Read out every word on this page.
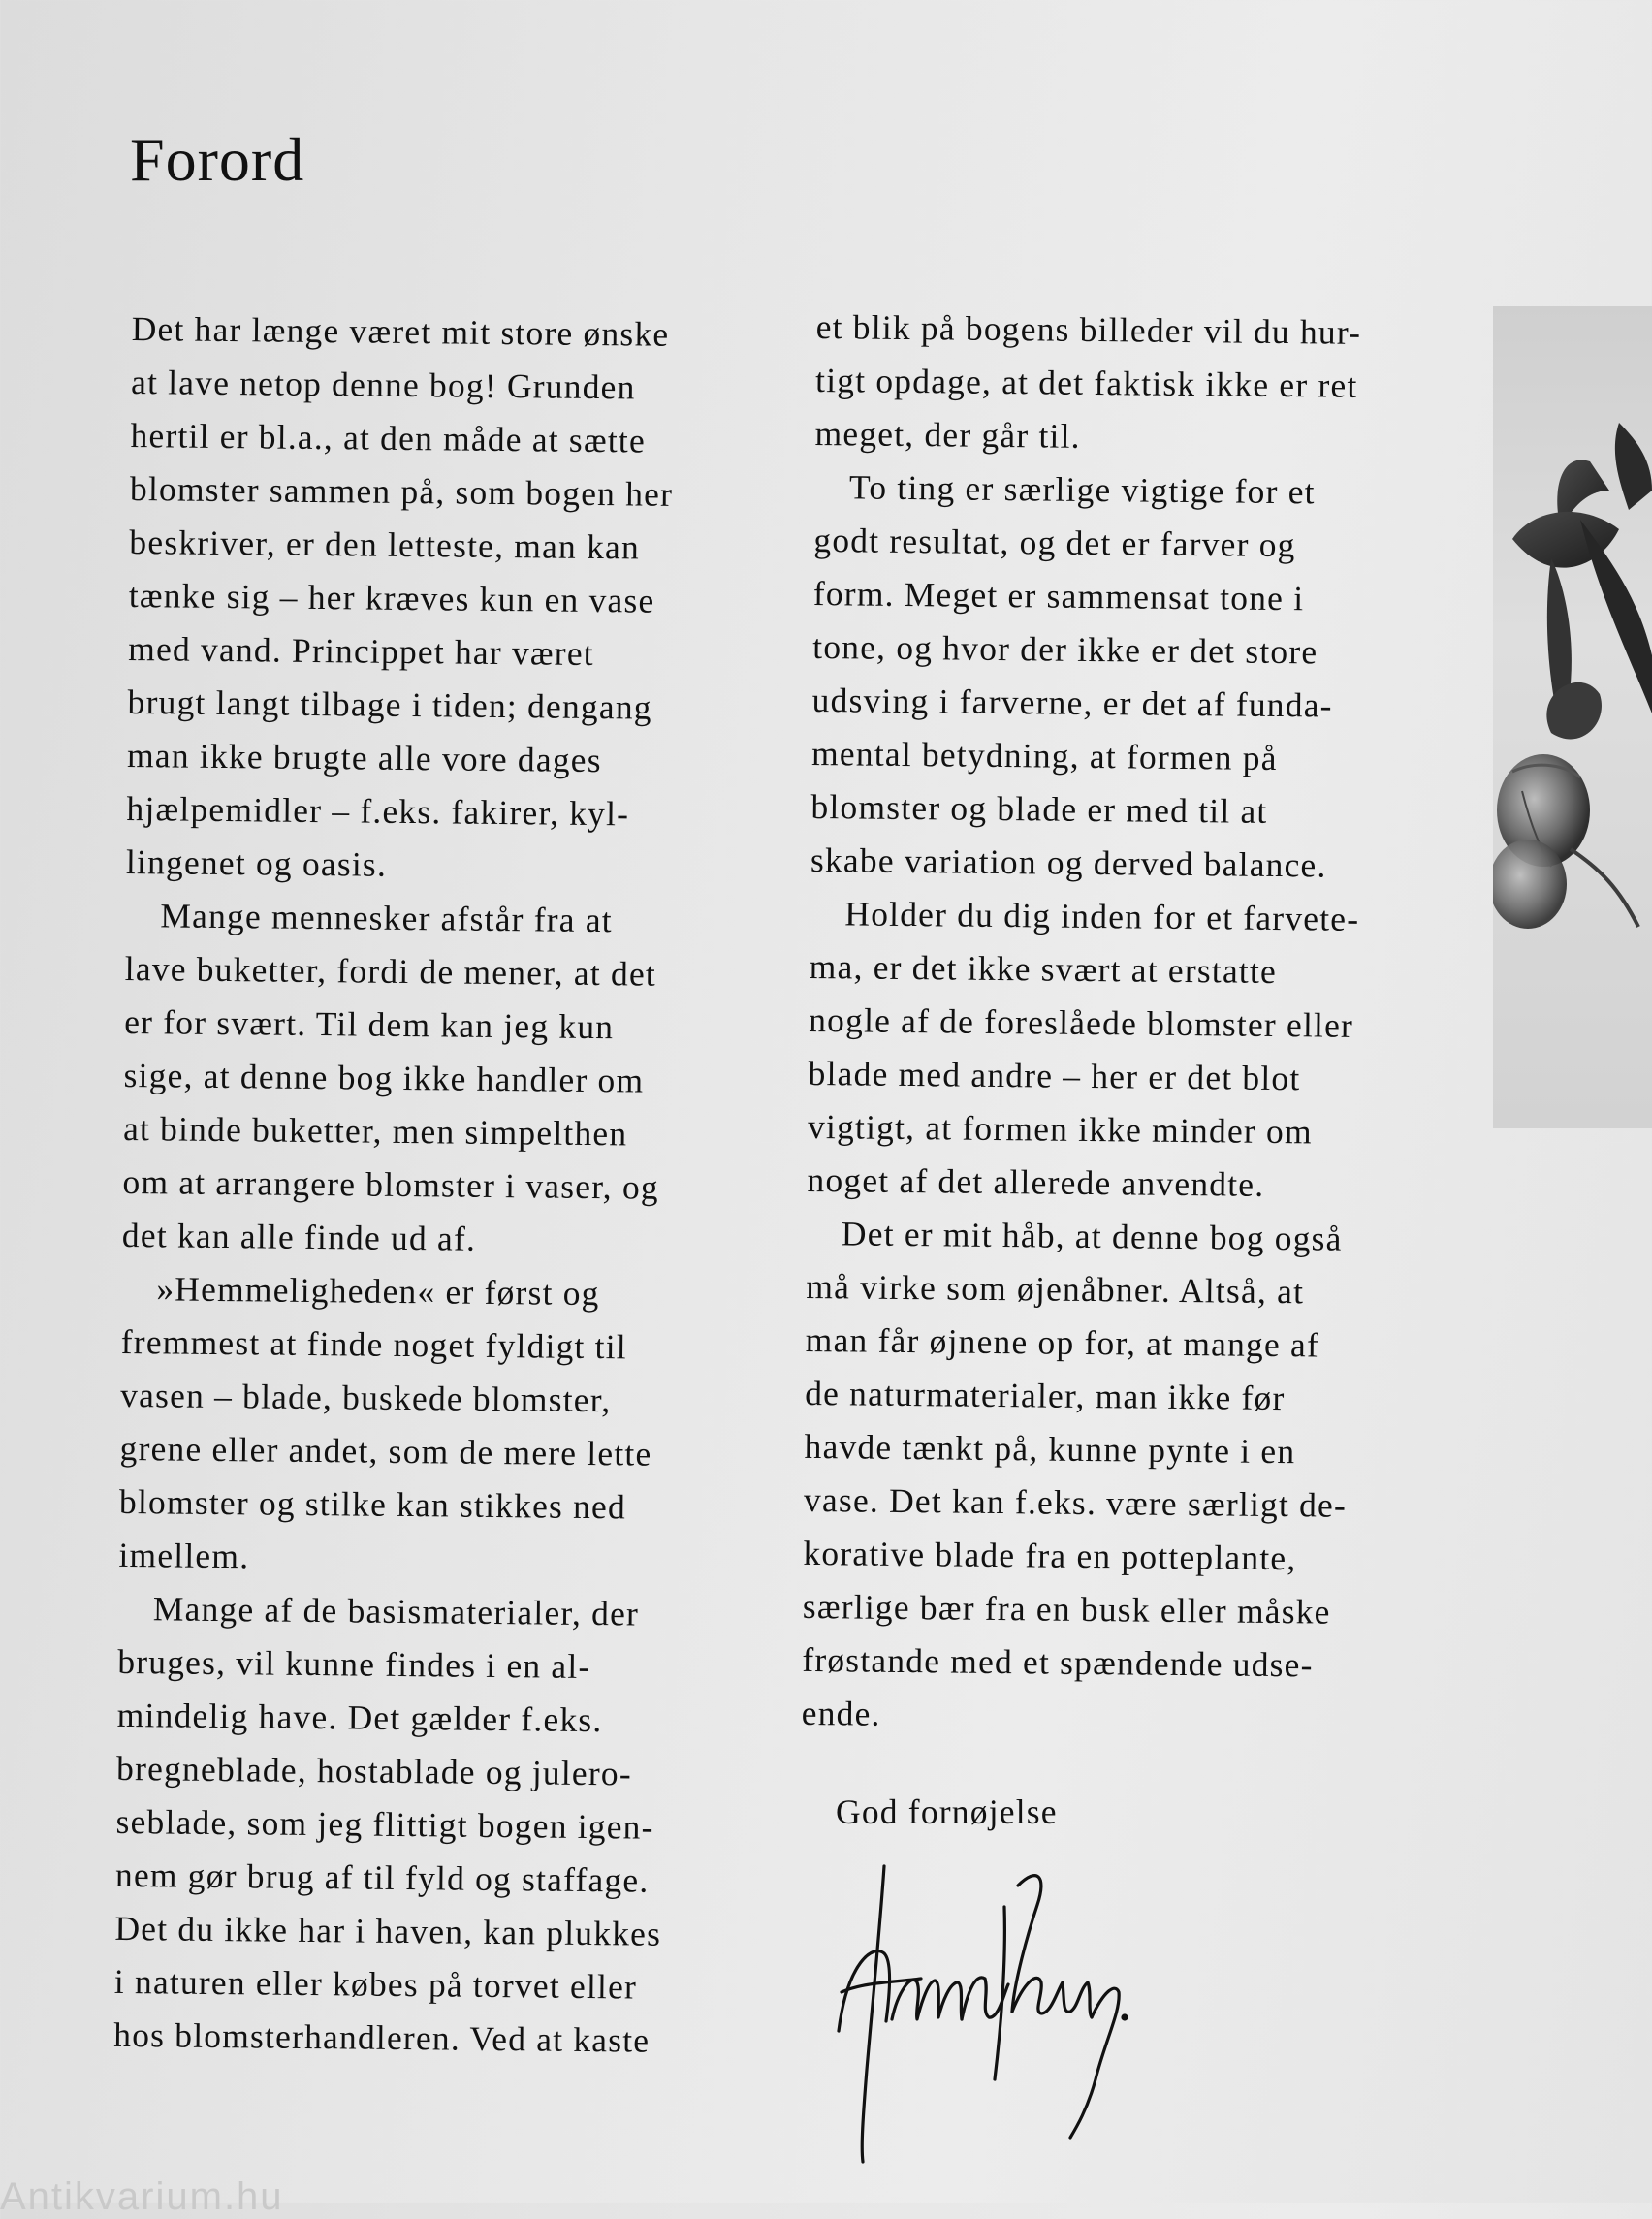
Forord
Det har længe været mit store ønske
at lave netop denne bog! Grunden
hertil er bl.a., at den måde at sætte
blomster sammen på, som bogen her
beskriver, er den letteste, man kan
tænke sig – her kræves kun en vase
med vand. Princippet har været
brugt langt tilbage i tiden; dengang
man ikke brugte alle vore dages
hjælpemidler – f.eks. fakirer, kyl-
lingenet og oasis.
Mange mennesker afstår fra at
lave buketter, fordi de mener, at det
er for svært. Til dem kan jeg kun
sige, at denne bog ikke handler om
at binde buketter, men simpelthen
om at arrangere blomster i vaser, og
det kan alle finde ud af.
»Hemmeligheden« er først og
fremmest at finde noget fyldigt til
vasen – blade, buskede blomster,
grene eller andet, som de mere lette
blomster og stilke kan stikkes ned
imellem.
Mange af de basismaterialer, der
bruges, vil kunne findes i en al-
mindelig have. Det gælder f.eks.
bregneblade, hostablade og julero-
seblade, som jeg flittigt bogen igen-
nem gør brug af til fyld og staffage.
Det du ikke har i haven, kan plukkes
i naturen eller købes på torvet eller
hos blomsterhandleren. Ved at kaste
et blik på bogens billeder vil du hur-
tigt opdage, at det faktisk ikke er ret
meget, der går til.
To ting er særlige vigtige for et
godt resultat, og det er farver og
form. Meget er sammensat tone i
tone, og hvor der ikke er det store
udsving i farverne, er det af funda-
mental betydning, at formen på
blomster og blade er med til at
skabe variation og derved balance.
Holder du dig inden for et farvete-
ma, er det ikke svært at erstatte
nogle af de foreslåede blomster eller
blade med andre – her er det blot
vigtigt, at formen ikke minder om
noget af det allerede anvendte.
Det er mit håb, at denne bog også
må virke som øjenåbner. Altså, at
man får øjnene op for, at mange af
de naturmaterialer, man ikke før
havde tænkt på, kunne pynte i en
vase. Det kan f.eks. være særligt de-
korative blade fra en potteplante,
særlige bær fra en busk eller måske
frøstande med et spændende udse-
ende.
God fornøjelse
Antikvarium.hu
